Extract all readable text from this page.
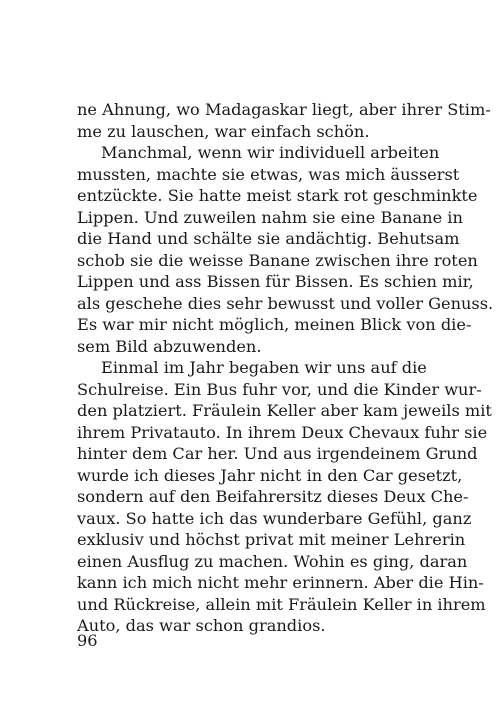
ne Ahnung, wo Madagaskar liegt, aber ihrer Stim-
me zu lauschen, war einfach schön.
Manchmal, wenn wir individuell arbeiten
mussten, machte sie etwas, was mich äusserst
entzückte. Sie hatte meist stark rot geschminkte
Lippen. Und zuweilen nahm sie eine Banane in
die Hand und schälte sie andächtig. Behutsam
schob sie die weisse Banane zwischen ihre roten
Lippen und ass Bissen für Bissen. Es schien mir,
als geschehe dies sehr bewusst und voller Genuss.
Es war mir nicht möglich, meinen Blick von die-
sem Bild abzuwenden.
Einmal im Jahr begaben wir uns auf die
Schulreise. Ein Bus fuhr vor, und die Kinder wur-
den platziert. Fräulein Keller aber kam jeweils mit
ihrem Privatauto. In ihrem Deux Chevaux fuhr sie
hinter dem Car her. Und aus irgendeinem Grund
wurde ich dieses Jahr nicht in den Car gesetzt,
sondern auf den Beifahrersitz dieses Deux Che-
vaux. So hatte ich das wunderbare Gefühl, ganz
exklusiv und höchst privat mit meiner Lehrerin
einen Ausflug zu machen. Wohin es ging, daran
kann ich mich nicht mehr erinnern. Aber die Hin-
und Rückreise, allein mit Fräulein Keller in ihrem
Auto, das war schon grandios.
96
